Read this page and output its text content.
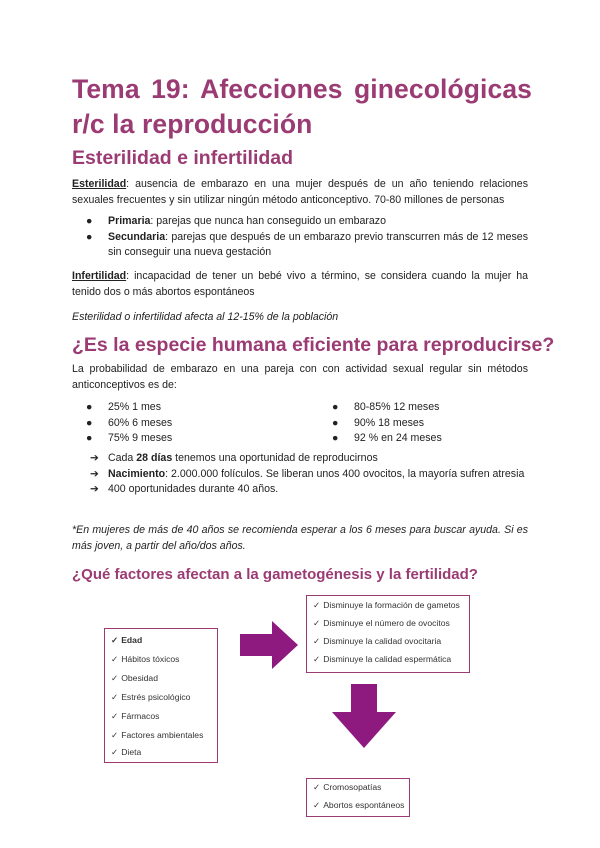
Tema 19: Afecciones ginecológicas
r/c la reproducción
Esterilidad e infertilidad

Esterilidad: ausencia de embarazo en una mujer después de un año teniendo relaciones sexuales frecuentes y sin utilizar ningún método anticonceptivo. 70-80 millones de personas

● Primaria: parejas que nunca han conseguido un embarazo
● Secundaria: parejas que después de un embarazo previo transcurren más de 12 meses sin conseguir una nueva gestación

Infertilidad: incapacidad de tener un bebé vivo a término, se considera cuando la mujer ha tenido dos o más abortos espontáneos

Esterilidad o infertilidad afecta al 12-15% de la población

¿Es la especie humana eficiente para reproducirse?

La probabilidad de embarazo en una pareja con con actividad sexual regular sin métodos anticonceptivos es de:

● 25% 1 mes
● 60% 6 meses
● 75% 9 meses
● 80-85% 12 meses
● 90% 18 meses
● 92 % en 24 meses
➔ Cada 28 días tenemos una oportunidad de reproducirnos
➔ Nacimiento: 2.000.000 folículos. Se liberan unos 400 ovocitos, la mayoría sufren atresia
➔ 400 oportunidades durante 40 años.

*En mujeres de más de 40 años se recomienda esperar a los 6 meses para buscar ayuda. Si es más joven, a partir del año/dos años.

¿Qué factores afectan a la gametogénesis y la fertilidad?
✓ Edad
✓ Hábitos tóxicos
✓ Obesidad
✓ Estrés psicológico
✓ Fármacos
✓ Factores ambientales
✓ Dieta
✓ Disminuye la formación de gametos
✓ Disminuye el número de ovocitos
✓ Disminuye la calidad ovocitaria
✓ Disminuye la calidad espermática
✓ Cromosopatías
✓ Abortos espontáneos
